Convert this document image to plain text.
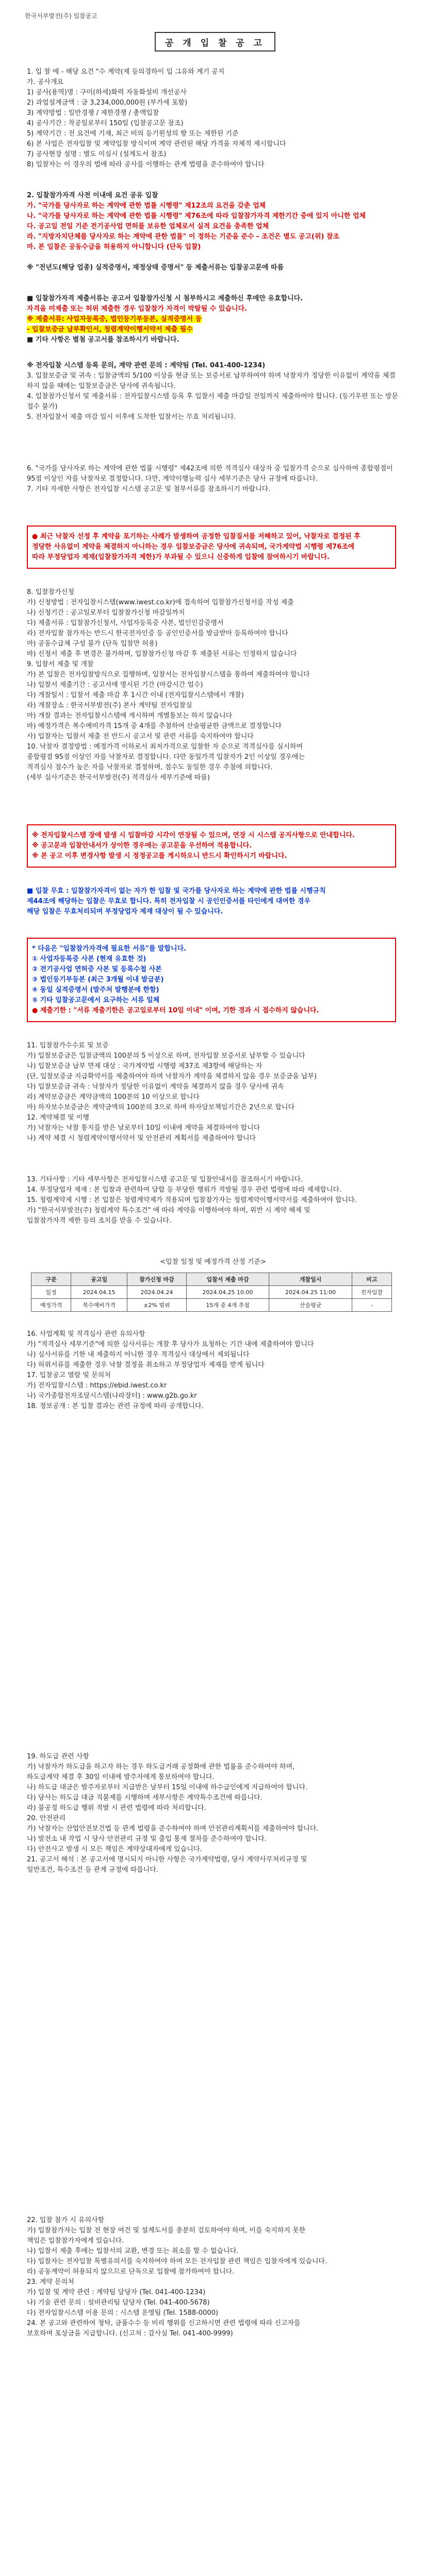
한국서부발전(주) 입찰공고
공 개 입 찰 공 고
1. 입 찰 에 - 해당 요건 "수 계약(제 등의경하이 입 그유와 계기 공지
가. 공사개요
1) 공사(용역)명 : 구미(하세)화력 자동화설비 개선공사
2) 과업설계금액 : 금 3,234,000,000원 (부가세 포함)
3) 계약방법 : 일반경쟁 / 제한경쟁 / 총액입찰
4) 공사기간 : 착공일로부터 150일 (입찰공고문 참조)
5) 계약기간 : 전 요건에 기재, 최근 비의 등기원성의 향 또는 제한된 기준
6) 본 사업은 전자입찰 및 계약입찰 방식이며 계약 관련된 해당 가격을 자체적 제시합니다
7) 공사현장 설명 : 별도 미실시 (설계도서 참조)
8) 입찰자는 이 경우의 법에 따라 공사를 이행하는 관계 법령을 준수하여야 합니다
2. 입찰참가자격 사전 이내에 요건 공유 입찰
가. "국가를 당사자로 하는 계약에 관한 법률 시행령" 제12조의 요건을 갖춘 업체
나. "국가를 당사자로 하는 계약에 관한 법률 시행령" 제76조에 따라 입찰참가자격 제한기간 중에 있지 아니한 업체
다. 공고일 전일 기준 전기공사업 면허를 보유한 업체로서 실적 요건을 충족한 업체
라. "지방자치단체를 당사자로 하는 계약에 관한 법률" 이 정하는 기준을 준수 - 조건은 별도 공고(위) 참조
마. 본 입찰은 공동수급을 허용하지 아니합니다 (단독 입찰)
※ "전년도(해당 업종) 실적증명서, 재정상태 증명서" 등 제출서류는 입찰공고문에 따름
■ 입찰참가자격 제출서류는 공고서 입찰참가신청 시 첨부하시고 제출하신 후에만 유효합니다.
자격을 미제출 또는 허위 제출한 경우 입찰참가 자격이 박탈될 수 있습니다.
※ 제출서류: 사업자등록증, 법인등기부등본, 실적증명서 등
- 입찰보증금 납부확인서, 청렴계약이행서약서 제출 필수
■ 기타 사항은 별첨 공고서를 참조하시기 바랍니다.
※ 전자입찰 시스템 등록 문의, 계약 관련 문의 : 계약팀 (Tel. 041-400-1234)
3. 입찰보증금 및 귀속 : 입찰금액의 5/100 이상을 현금 또는 보증서로 납부하여야 하며 낙찰자가 정당한 이유없이 계약을 체결하지 않을 때에는 입찰보증금은 당사에 귀속됩니다.
4. 입찰참가신청서 및 제출서류 : 전자입찰시스템 등록 후 입찰서 제출 마감일 전일까지 제출하여야 합니다. (등기우편 또는 방문 접수 불가)
5. 전자입찰서 제출 마감 일시 이후에 도착한 입찰서는 무효 처리됩니다.
6. "국가를 당사자로 하는 계약에 관한 법률 시행령" 제42조에 의한 적격심사 대상자 중 입찰가격 순으로 심사하여 종합평점이 95점 이상인 자를 낙찰자로 결정합니다. 다만, 계약이행능력 심사 세부기준은 당사 규정에 따릅니다.
7. 기타 자세한 사항은 전자입찰 시스템 공고문 및 첨부서류를 참조하시기 바랍니다.
● 최근 낙찰자 선정 후 계약을 포기하는 사례가 발생하여 공정한 입찰질서를 저해하고 있어, 낙찰자로 결정된 후
정당한 사유없이 계약을 체결하지 아니하는 경우 입찰보증금은 당사에 귀속되며, 국가계약법 시행령 제76조에
따라 부정당업자 제재(입찰참가자격 제한)가 부과될 수 있으니 신중하게 입찰에 참여하시기 바랍니다.
8. 입찰참가신청
가) 신청방법 : 전자입찰시스템(www.iwest.co.kr)에 접속하여 입찰참가신청서를 작성 제출
나) 신청기간 : 공고일로부터 입찰참가신청 마감일까지
다) 제출서류 : 입찰참가신청서, 사업자등록증 사본, 법인인감증명서
라) 전자입찰 참가자는 반드시 한국전자인증 등 공인인증서를 발급받아 등록하여야 합니다
마) 공동수급체 구성 불가 (단독 입찰만 허용)
바) 신청서 제출 후 변경은 불가하며, 입찰참가신청 마감 후 제출된 서류는 인정하지 않습니다
9. 입찰서 제출 및 개찰
가) 본 입찰은 전자입찰방식으로 집행하며, 입찰서는 전자입찰시스템을 통하여 제출하여야 합니다
나) 입찰서 제출기간 : 공고서에 명시된 기간 (마감시간 엄수)
다) 개찰일시 : 입찰서 제출 마감 후 1시간 이내 (전자입찰시스템에서 개찰)
라) 개찰장소 : 한국서부발전(주) 본사 계약팀 전자입찰실
마) 개찰 결과는 전자입찰시스템에 게시하며 개별통보는 하지 않습니다
바) 예정가격은 복수예비가격 15개 중 4개를 추첨하여 산술평균한 금액으로 결정합니다
사) 입찰자는 입찰서 제출 전 반드시 공고서 및 관련 서류를 숙지하여야 합니다
10. 낙찰자 결정방법 : 예정가격 이하로서 최저가격으로 입찰한 자 순으로 적격심사를 실시하여
종합평점 95점 이상인 자를 낙찰자로 결정합니다. 다만 동일가격 입찰자가 2인 이상일 경우에는
적격심사 점수가 높은 자를 낙찰자로 결정하며, 점수도 동일한 경우 추첨에 의합니다.
(세부 심사기준은 한국서부발전(주) 적격심사 세부기준에 따름)
※ 전자입찰시스템 장애 발생 시 입찰마감 시각이 연장될 수 있으며, 연장 시 시스템 공지사항으로 안내합니다.
※ 공고문과 입찰안내서가 상이한 경우에는 공고문을 우선하여 적용합니다.
※ 본 공고 이후 변경사항 발생 시 정정공고를 게시하오니 반드시 확인하시기 바랍니다.
■ 입찰 무효 : 입찰참가자격이 없는 자가 한 입찰 및 국가를 당사자로 하는 계약에 관한 법률 시행규칙
제44조에 해당하는 입찰은 무효로 합니다. 특히 전자입찰 시 공인인증서를 타인에게 대여한 경우
해당 입찰은 무효처리되며 부정당업자 제재 대상이 될 수 있습니다.
* 다음은 "입찰참가자격에 필요한 서류"를 말합니다.
① 사업자등록증 사본 (현재 유효한 것)
② 전기공사업 면허증 사본 및 등록수첩 사본
③ 법인등기부등본 (최근 3개월 이내 발급분)
④ 동일 실적증명서 (발주처 발행분에 한함)
⑤ 기타 입찰공고문에서 요구하는 서류 일체
● 제출기한 : "서류 제출기한은 공고일로부터 10일 이내" 이며, 기한 경과 시 접수하지 않습니다.
11. 입찰참가수수료 및 보증
가) 입찰보증금은 입찰금액의 100분의 5 이상으로 하며, 전자입찰 보증서로 납부할 수 있습니다
나) 입찰보증금 납부 면제 대상 : 국가계약법 시행령 제37조 제3항에 해당하는 자
(단, 입찰보증금 지급확약서를 제출하여야 하며 낙찰자가 계약을 체결하지 않을 경우 보증금을 납부)
다) 입찰보증금 귀속 : 낙찰자가 정당한 이유없이 계약을 체결하지 않을 경우 당사에 귀속
라) 계약보증금은 계약금액의 100분의 10 이상으로 합니다
마) 하자보수보증금은 계약금액의 100분의 3으로 하며 하자담보책임기간은 2년으로 합니다
12. 계약체결 및 이행
가) 낙찰자는 낙찰 통지를 받은 날로부터 10일 이내에 계약을 체결하여야 합니다
나) 계약 체결 시 청렴계약이행서약서 및 안전관리 계획서를 제출하여야 합니다
13. 기타사항 : 기타 세부사항은 전자입찰시스템 공고문 및 입찰안내서를 참조하시기 바랍니다.
14. 부정당업자 제재 : 본 입찰과 관련하여 담합 등 부당한 행위가 적발될 경우 관련 법령에 따라 제재합니다.
15. 청렴계약제 시행 : 본 입찰은 청렴계약제가 적용되며 입찰참가자는 청렴계약이행서약서를 제출하여야 합니다.
가) "한국서부발전(주) 청렴계약 특수조건" 에 따라 계약을 이행하여야 하며, 위반 시 계약 해제 및
입찰참가자격 제한 등의 조치를 받을 수 있습니다.
<입찰 일정 및 예정가격 산정 기준>
구분	공고일	참가신청 마감	입찰서 제출 마감	개찰일시	비고
일정	2024.04.15	2024.04.24	2024.04.25 10:00	2024.04.25 11:00	전자입찰
예정가격	복수예비가격	±2% 범위	15개 중 4개 추첨	산술평균	-
16. 사업계획 및 적격심사 관련 유의사항
가) "적격심사 세부기준"에 의한 심사서류는 개찰 후 당사가 요청하는 기간 내에 제출하여야 합니다
나) 심사서류를 기한 내 제출하지 아니한 경우 적격심사 대상에서 제외됩니다
다) 허위서류를 제출한 경우 낙찰 결정을 취소하고 부정당업자 제재를 받게 됩니다
17. 입찰공고 열람 및 문의처
가) 전자입찰시스템 : https://ebid.iwest.co.kr
나) 국가종합전자조달시스템(나라장터) : www.g2b.go.kr
18. 정보공개 : 본 입찰 결과는 관련 규정에 따라 공개합니다.
19. 하도급 관련 사항
가) 낙찰자가 하도급을 하고자 하는 경우 하도급거래 공정화에 관한 법률을 준수하여야 하며,
하도급계약 체결 후 30일 이내에 발주자에게 통보하여야 합니다.
나) 하도급 대금은 발주자로부터 지급받은 날부터 15일 이내에 하수급인에게 지급하여야 합니다.
다) 당사는 하도급 대금 직불제를 시행하며 세부사항은 계약특수조건에 따릅니다.
라) 불공정 하도급 행위 적발 시 관련 법령에 따라 처리합니다.
20. 안전관리
가) 낙찰자는 산업안전보건법 등 관계 법령을 준수하여야 하며 안전관리계획서를 제출하여야 합니다.
나) 발전소 내 작업 시 당사 안전관리 규정 및 출입 통제 절차를 준수하여야 합니다.
다) 안전사고 발생 시 모든 책임은 계약상대자에게 있습니다.
21. 공고서 해석 : 본 공고서에 명시되지 아니한 사항은 국가계약법령, 당사 계약사무처리규정 및
일반조건, 특수조건 등 관계 규정에 따릅니다.
22. 입찰 참가 시 유의사항
가) 입찰참가자는 입찰 전 현장 여건 및 설계도서를 충분히 검토하여야 하며, 이를 숙지하지 못한
책임은 입찰참가자에게 있습니다.
나) 입찰서 제출 후에는 입찰서의 교환, 변경 또는 취소를 할 수 없습니다.
다) 입찰자는 전자입찰 특별유의서를 숙지하여야 하며 모든 전자입찰 관련 책임은 입찰자에게 있습니다.
라) 공동계약이 허용되지 않으므로 단독으로 입찰에 참가하여야 합니다.
23. 계약 문의처
가) 입찰 및 계약 관련 : 계약팀 담당자 (Tel. 041-400-1234)
나) 기술 관련 문의 : 설비관리팀 담당자 (Tel. 041-400-5678)
다) 전자입찰시스템 이용 문의 : 시스템 운영팀 (Tel. 1588-0000)
24. 본 공고와 관련하여 청탁, 금품수수 등 비리 행위를 신고하시면 관련 법령에 따라 신고자를
보호하며 포상금을 지급합니다. (신고처 : 감사실 Tel. 041-400-9999)
